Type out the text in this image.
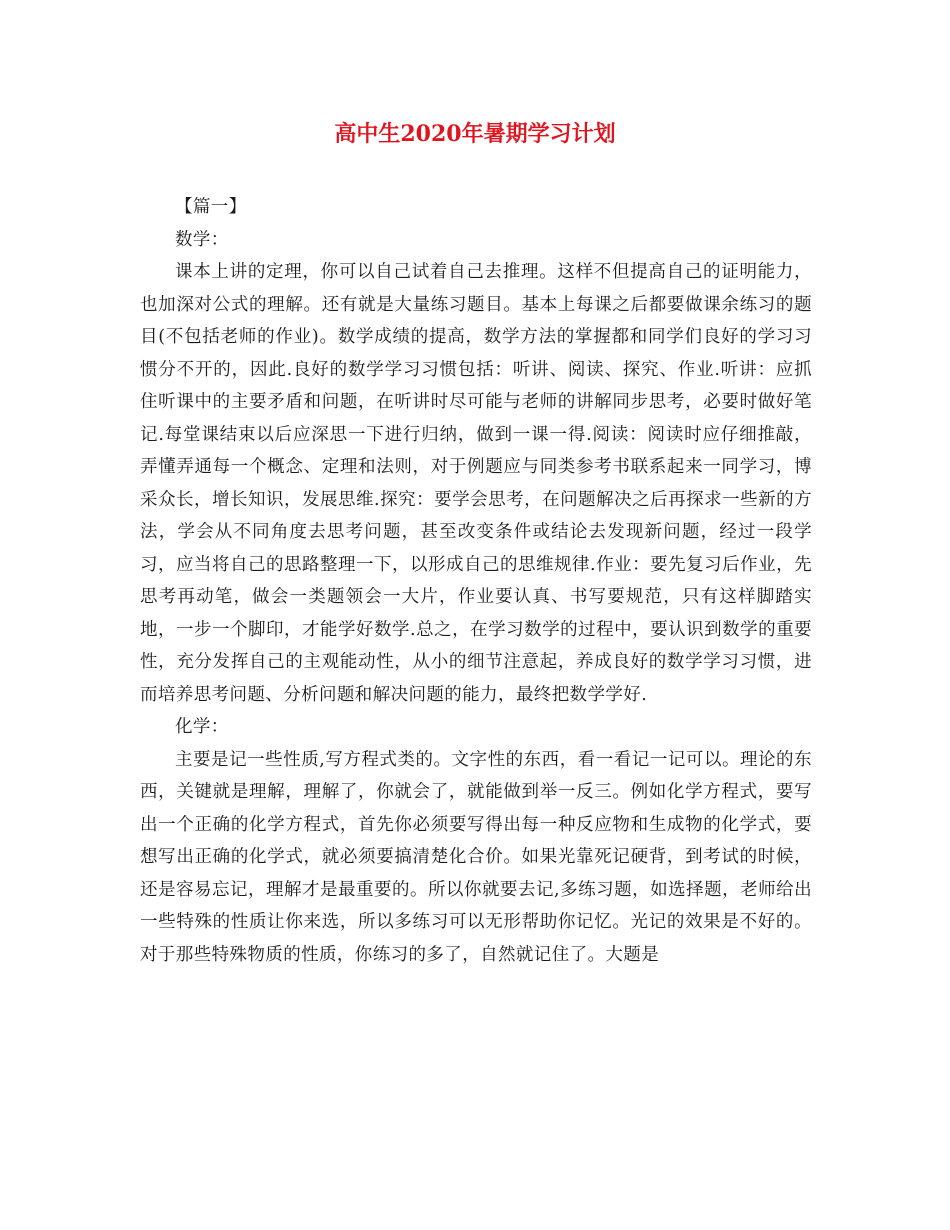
高中生2020年暑期学习计划

【篇一】

数学：

课本上讲的定理，你可以自己试着自己去推理。这样不但提高自己的证明能力，也加深对公式的理解。还有就是大量练习题目。基本上每课之后都要做课余练习的题目(不包括老师的作业)。数学成绩的提高，数学方法的掌握都和同学们良好的学习习惯分不开的，因此.良好的数学学习习惯包括：听讲、阅读、探究、作业.听讲：应抓住听课中的主要矛盾和问题，在听讲时尽可能与老师的讲解同步思考，必要时做好笔记.每堂课结束以后应深思一下进行归纳，做到一课一得.阅读：阅读时应仔细推敲，弄懂弄通每一个概念、定理和法则，对于例题应与同类参考书联系起来一同学习，博采众长，增长知识，发展思维.探究：要学会思考，在问题解决之后再探求一些新的方法，学会从不同角度去思考问题，甚至改变条件或结论去发现新问题，经过一段学习，应当将自己的思路整理一下，以形成自己的思维规律.作业：要先复习后作业，先思考再动笔，做会一类题领会一大片，作业要认真、书写要规范，只有这样脚踏实地，一步一个脚印，才能学好数学.总之，在学习数学的过程中，要认识到数学的重要性，充分发挥自己的主观能动性，从小的细节注意起，养成良好的数学学习习惯，进而培养思考问题、分析问题和解决问题的能力，最终把数学学好.

化学：

主要是记一些性质,写方程式类的。文字性的东西，看一看记一记可以。理论的东西，关键就是理解，理解了，你就会了，就能做到举一反三。例如化学方程式，要写出一个正确的化学方程式，首先你必须要写得出每一种反应物和生成物的化学式，要想写出正确的化学式，就必须要搞清楚化合价。如果光靠死记硬背，到考试的时候，还是容易忘记，理解才是最重要的。所以你就要去记,多练习题，如选择题，老师给出一些特殊的性质让你来选，所以多练习可以无形帮助你记忆。光记的效果是不好的。对于那些特殊物质的性质，你练习的多了，自然就记住了。大题是
